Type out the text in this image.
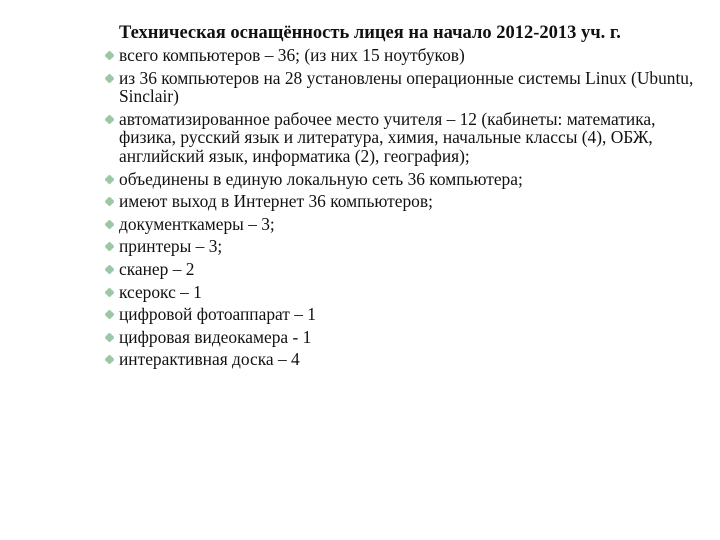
Техническая оснащённость лицея на начало 2012-2013 уч. г.
всего компьютеров – 36; (из них 15 ноутбуков)
из 36 компьютеров на 28 установлены операционные системы Linux (Ubuntu, Sinclair)
автоматизированное рабочее место учителя – 12 (кабинеты: математика, физика, русский язык и литература, химия, начальные классы (4), ОБЖ, английский язык, информатика (2), география);
объединены в единую локальную сеть 36 компьютера;
имеют выход в Интернет 36 компьютеров;
документкамеры – 3;
принтеры – 3;
сканер – 2
ксерокс – 1
цифровой фотоаппарат – 1
цифровая видеокамера - 1
интерактивная доска – 4
